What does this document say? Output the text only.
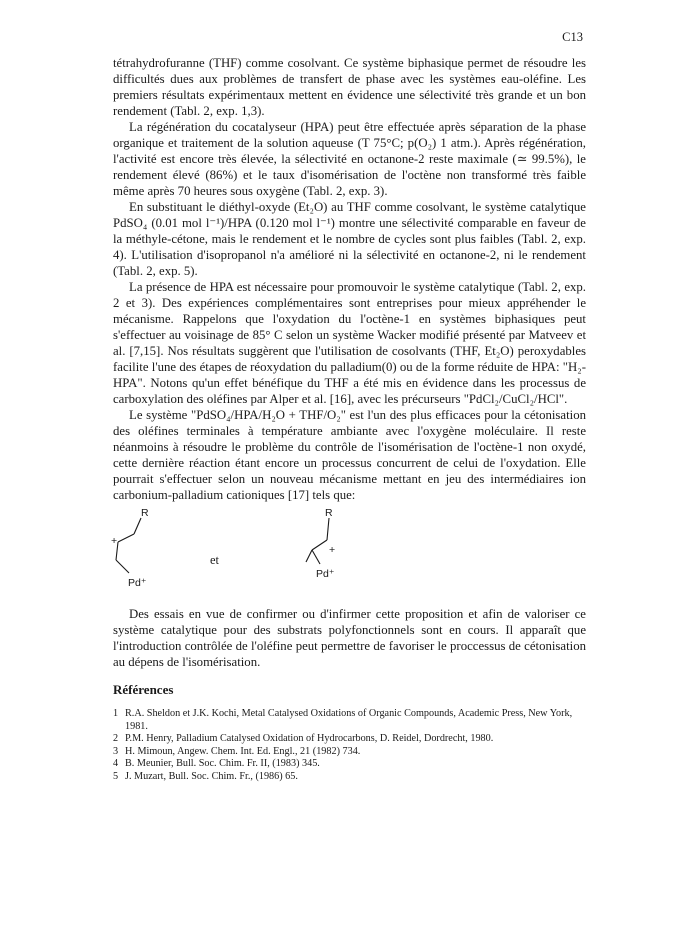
C13

tétrahydrofuranne (THF) comme cosolvant. Ce système biphasique permet de résoudre les difficultés dues aux problèmes de transfert de phase avec les systèmes eau-oléfine. Les premiers résultats expérimentaux mettent en évidence une sélectivité très grande et un bon rendement (Tabl. 2, exp. 1,3).

La régénération du cocatalyseur (HPA) peut être effectuée après séparation de la phase organique et traitement de la solution aqueuse (T 75°C; p(O₂) 1 atm.). Après régénération, l'activité est encore très élevée, la sélectivité en octanone-2 reste maximale (≃ 99.5%), le rendement élevé (86%) et le taux d'isomérisation de l'octène non transformé très faible même après 70 heures sous oxygène (Tabl. 2, exp. 3).

En substituant le diéthyl-oxyde (Et₂O) au THF comme cosolvant, le système catalytique PdSO₄ (0.01 mol l⁻¹)/HPA (0.120 mol l⁻¹) montre une sélectivité comparable en faveur de la méthyle-cétone, mais le rendement et le nombre de cycles sont plus faibles (Tabl. 2, exp. 4). L'utilisation d'isopropanol n'a amélioré ni la sélectivité en octanone-2, ni le rendement (Tabl. 2, exp. 5).

La présence de HPA est nécessaire pour promouvoir le système catalytique (Tabl. 2, exp. 2 et 3). Des expériences complémentaires sont entreprises pour mieux appréhender le mécanisme. Rappelons que l'oxydation du l'octène-1 en systèmes biphasiques peut s'effectuer au voisinage de 85° C selon un système Wacker modifié présenté par Matveev et al. [7,15]. Nos résultats suggèrent que l'utilisation de cosolvants (THF, Et₂O) peroxydables facilite l'une des étapes de réoxydation du palladium(0) ou de la forme réduite de HPA: "H₂-HPA". Notons qu'un effet bénéfique du THF a été mis en évidence dans les processus de carboxylation des oléfines par Alper et al. [16], avec les précurseurs "PdCl₂/CuCl₂/HCl".

Le système "PdSO₄/HPA/H₂O + THF/O₂" est l'un des plus efficaces pour la cétonisation des oléfines terminales à température ambiante avec l'oxygène moléculaire. Il reste néanmoins à résoudre le problème du contrôle de l'isomérisation de l'octène-1 non oxydé, cette dernière réaction étant encore un processus concurrent de celui de l'oxydation. Elle pourrait s'effectuer selon un nouveau mécanisme mettant en jeu des intermédiaires ion carbonium-palladium cationiques [17] tels que:

R
+
Pd⁺
et
R
+
Pd⁺

Des essais en vue de confirmer ou d'infirmer cette proposition et afin de valoriser ce système catalytique pour des substrats polyfonctionnels sont en cours. Il apparaît que l'introduction contrôlée de l'oléfine peut permettre de favoriser le proccessus de cétonisation au dépens de l'isomérisation.

Références
1 R.A. Sheldon et J.K. Kochi, Metal Catalysed Oxidations of Organic Compounds, Academic Press, New York, 1981.
2 P.M. Henry, Palladium Catalysed Oxidation of Hydrocarbons, D. Reidel, Dordrecht, 1980.
3 H. Mimoun, Angew. Chem. Int. Ed. Engl., 21 (1982) 734.
4 B. Meunier, Bull. Soc. Chim. Fr. II, (1983) 345.
5 J. Muzart, Bull. Soc. Chim. Fr., (1986) 65.
